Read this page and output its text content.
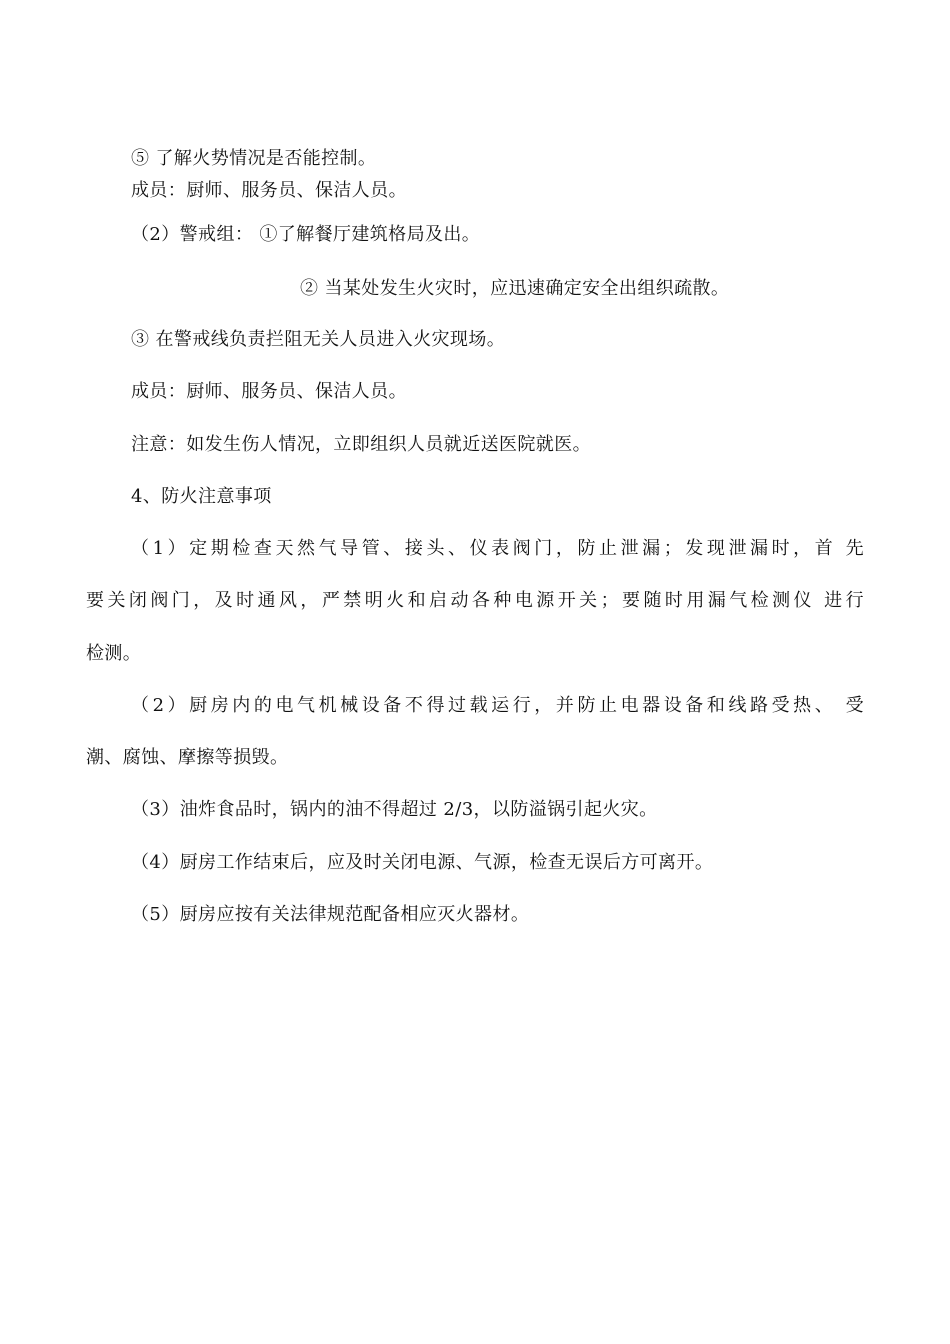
⑤ 了解火势情况是否能控制。
成员：厨师、服务员、保洁人员。
（2）警戒组： ①了解餐厅建筑格局及出。
② 当某处发生火灾时，应迅速确定安全出组织疏散。
③ 在警戒线负责拦阻无关人员进入火灾现场。
成员：厨师、服务员、保洁人员。
注意：如发生伤人情况，立即组织人员就近送医院就医。
4、防火注意事项
（1）定期检查天然气导管、接头、仪表阀门，防止泄漏；发现泄漏时，首 先
要关闭阀门，及时通风，严禁明火和启动各种电源开关；要随时用漏气检测仪 进行
检测。
（2）厨房内的电气机械设备不得过载运行，并防止电器设备和线路受热、 受
潮、腐蚀、摩擦等损毁。
（3）油炸食品时，锅内的油不得超过 2/3，以防溢锅引起火灾。
（4）厨房工作结束后，应及时关闭电源、气源，检查无误后方可离开。
（5）厨房应按有关法律规范配备相应灭火器材。
